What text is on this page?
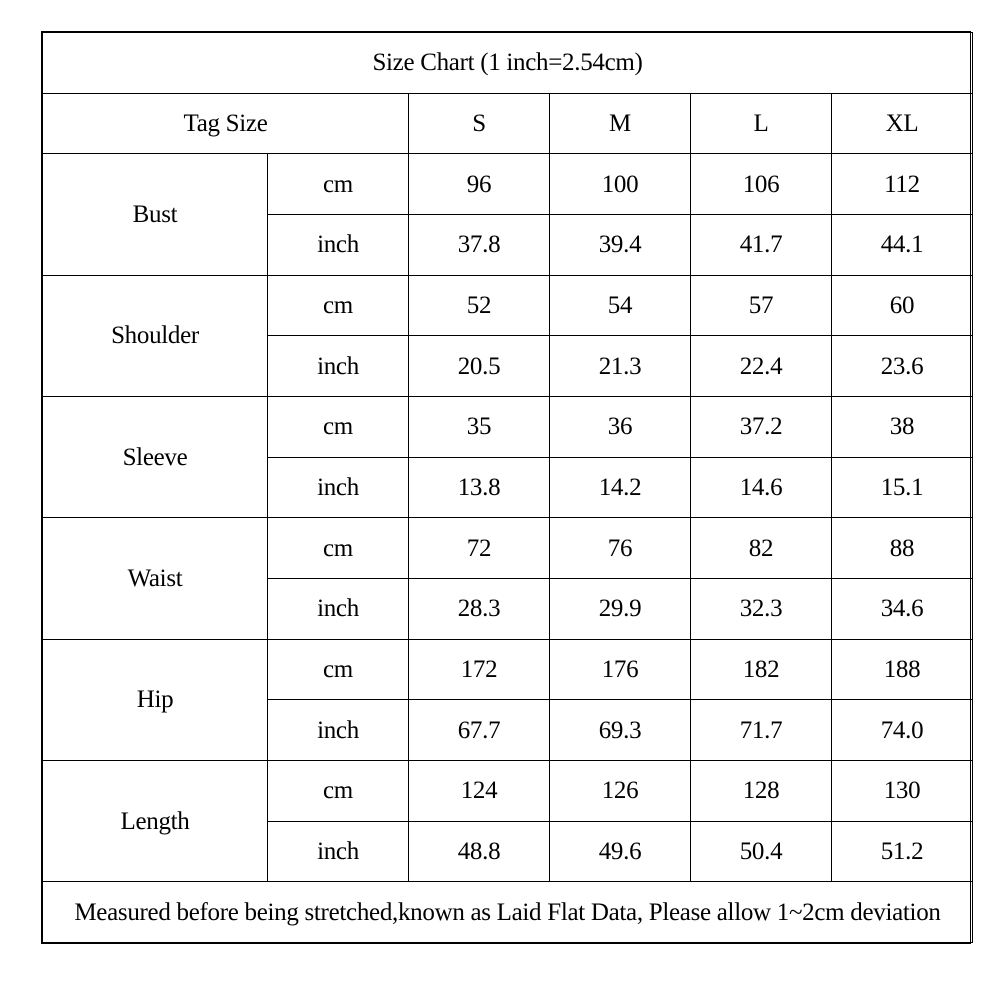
Size Chart (1 inch=2.54cm)					
Tag Size		S	M	L	XL
Bust	cm	96	100	106	112
	inch	37.8	39.4	41.7	44.1
Shoulder	cm	52	54	57	60
	inch	20.5	21.3	22.4	23.6
Sleeve	cm	35	36	37.2	38
	inch	13.8	14.2	14.6	15.1
Waist	cm	72	76	82	88
	inch	28.3	29.9	32.3	34.6
Hip	cm	172	176	182	188
	inch	67.7	69.3	71.7	74.0
Length	cm	124	126	128	130
	inch	48.8	49.6	50.4	51.2
Measured before being stretched,known as Laid Flat Data, Please allow 1~2cm deviation					
